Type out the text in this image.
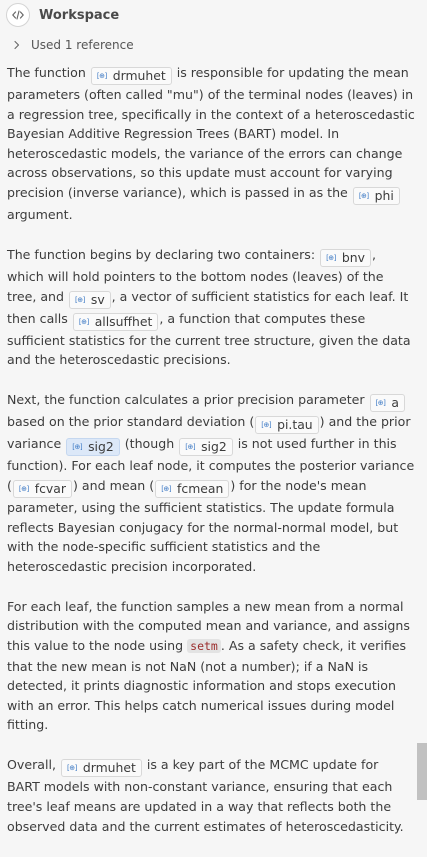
Workspace
Used 1 reference

The function [⊕] drmuhet is responsible for updating the mean parameters (often called "mu") of the terminal nodes (leaves) in a regression tree, specifically in the context of a heteroscedastic Bayesian Additive Regression Trees (BART) model. In heteroscedastic models, the variance of the errors can change across observations, so this update must account for varying precision (inverse variance), which is passed in as the [⊕] phi
argument.

The function begins by declaring two containers: [⊕] bnv , which will hold pointers to the bottom nodes (leaves) of the tree, and [⊕] sv , a vector of sufficient statistics for each leaf. It then calls [⊕] allsuffhet , a function that computes these sufficient statistics for the current tree structure, given the data and the heteroscedastic precisions.

Next, the function calculates a prior precision parameter [⊕] a
based on the prior standard deviation ( [⊕] pi.tau ) and the prior variance [⊕] sig2 (though [⊕] sig2 is not used further in this function). For each leaf node, it computes the posterior variance ( [⊕] fcvar ) and mean ( [⊕] fcmean ) for the node's mean parameter, using the sufficient statistics. The update formula reflects Bayesian conjugacy for the normal-normal model, but with the node-specific sufficient statistics and the heteroscedastic precision incorporated.

For each leaf, the function samples a new mean from a normal distribution with the computed mean and variance, and assigns this value to the node using setm . As a safety check, it verifies that the new mean is not NaN (not a number); if a NaN is detected, it prints diagnostic information and stops execution with an error. This helps catch numerical issues during model fitting.

Overall, [⊕] drmuhet is a key part of the MCMC update for BART models with non-constant variance, ensuring that each tree's leaf means are updated in a way that reflects both the observed data and the current estimates of heteroscedasticity.
